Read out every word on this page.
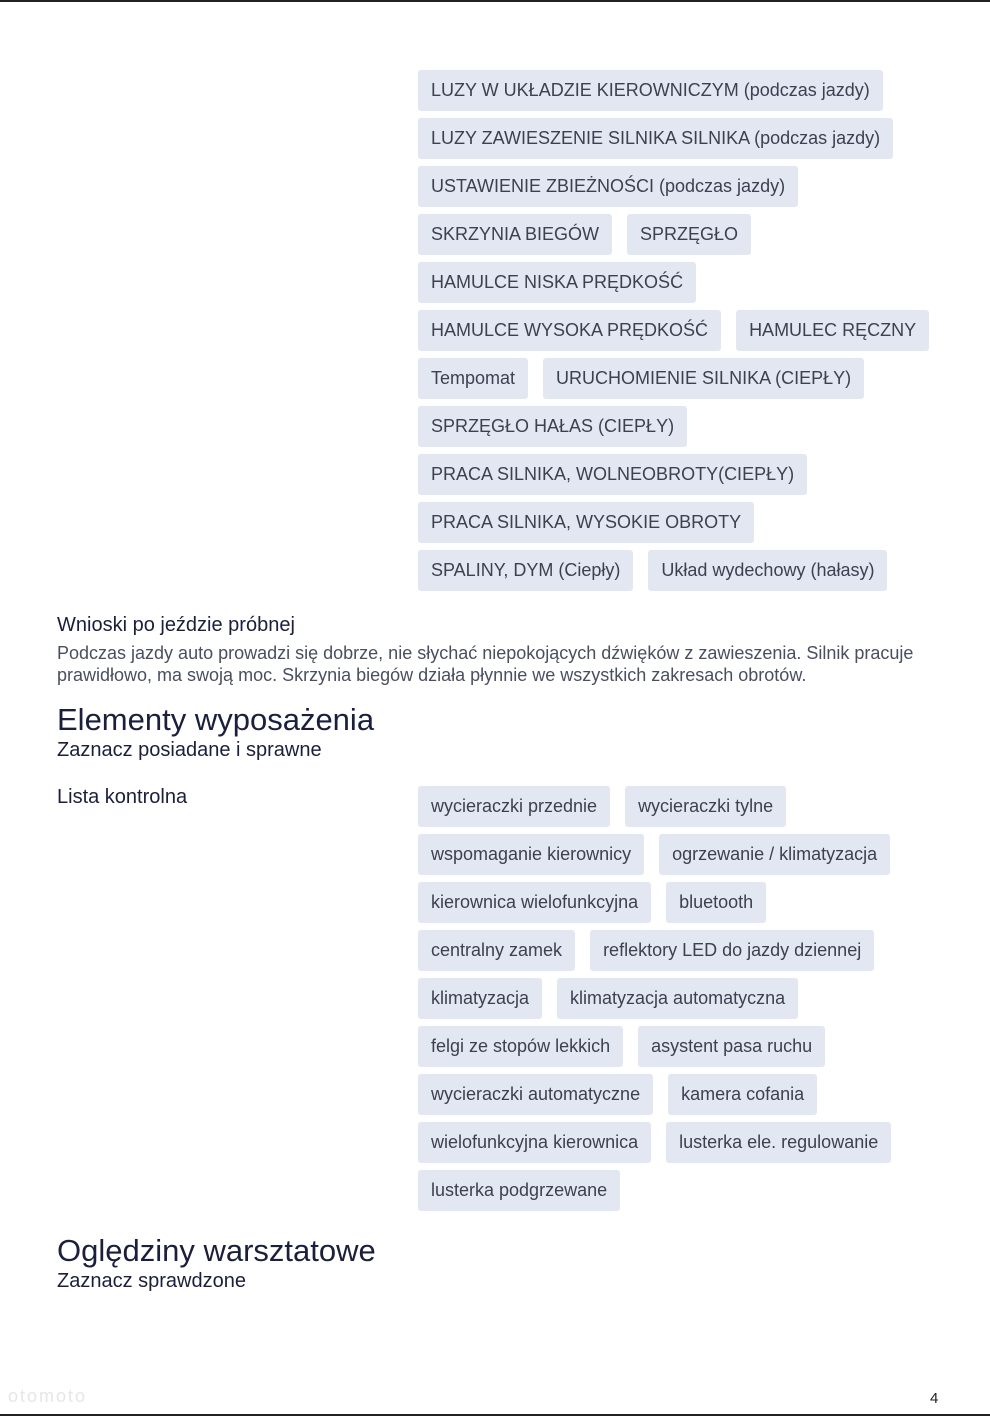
LUZY W UKŁADZIE KIEROWNICZYM (podczas jazdy)
LUZY ZAWIESZENIE SILNIKA SILNIKA (podczas jazdy)
USTAWIENIE ZBIEŻNOŚCI (podczas jazdy)
SKRZYNIA BIEGÓW	SPRZĘGŁO
HAMULCE NISKA PRĘDKOŚĆ
HAMULCE WYSOKA PRĘDKOŚĆ	HAMULEC RĘCZNY
Tempomat	URUCHOMIENIE SILNIKA (CIEPŁY)
SPRZĘGŁO HAŁAS (CIEPŁY)
PRACA SILNIKA, WOLNEOBROTY(CIEPŁY)
PRACA SILNIKA, WYSOKIE OBROTY
SPALINY, DYM (Ciepły)	Układ wydechowy (hałasy)
Wnioski po jeździe próbnej
Podczas jazdy auto prowadzi się dobrze, nie słychać niepokojących dźwięków z zawieszenia. Silnik pracuje prawidłowo, ma swoją moc. Skrzynia biegów działa płynnie we wszystkich zakresach obrotów.
Elementy wyposażenia
Zaznacz posiadane i sprawne
Lista kontrolna	wycieraczki przednie	wycieraczki tylne
wspomaganie kierownicy	ogrzewanie / klimatyzacja
kierownica wielofunkcyjna	bluetooth
centralny zamek	reflektory LED do jazdy dziennej
klimatyzacja	klimatyzacja automatyczna
felgi ze stopów lekkich	asystent pasa ruchu
wycieraczki automatyczne	kamera cofania
wielofunkcyjna kierownica	lusterka ele. regulowanie
lusterka podgrzewane
Oględziny warsztatowe
Zaznacz sprawdzone
otomoto	4
